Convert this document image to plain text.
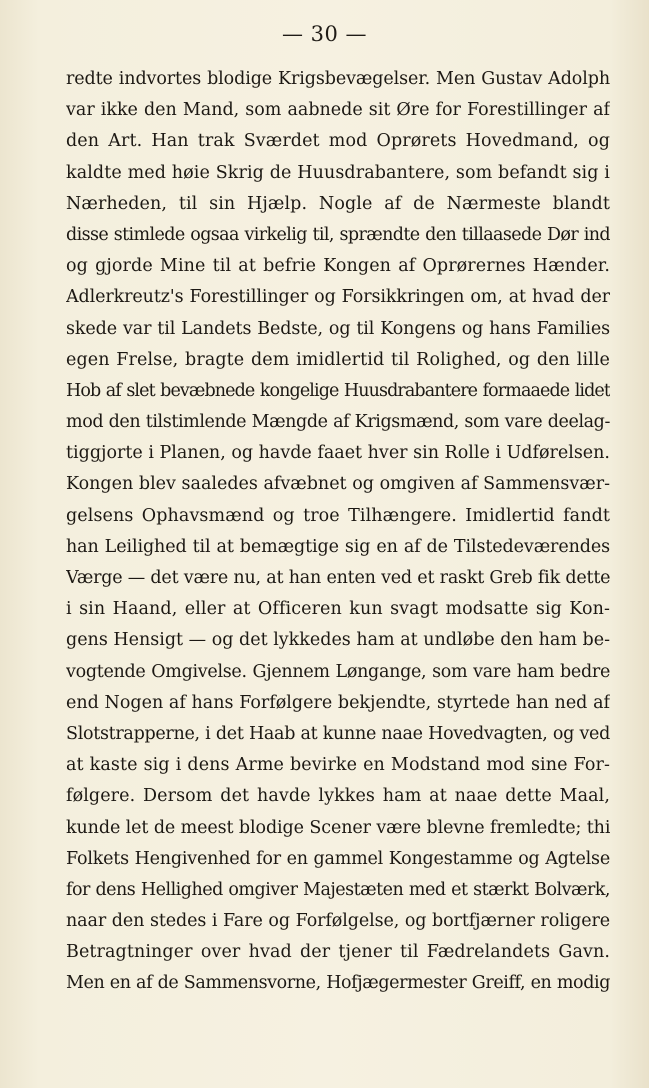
— 30 —
redte indvortes blodige Krigsbevægelser. Men Gustav Adolph
var ikke den Mand, som aabnede sit Øre for Forestillinger af
den Art. Han trak Sværdet mod Oprørets Hovedmand, og
kaldte med høie Skrig de Huusdrabantere, som befandt sig i
Nærheden, til sin Hjælp. Nogle af de Nærmeste blandt
disse stimlede ogsaa virkelig til, sprændte den tillaasede Dør ind
og gjorde Mine til at befrie Kongen af Oprørernes Hænder.
Adlerkreutz's Forestillinger og Forsikkringen om, at hvad der
skede var til Landets Bedste, og til Kongens og hans Families
egen Frelse, bragte dem imidlertid til Rolighed, og den lille
Hob af slet bevæbnede kongelige Huusdrabantere formaaede lidet
mod den tilstimlende Mængde af Krigsmænd, som vare deelag-
tiggjorte i Planen, og havde faaet hver sin Rolle i Udførelsen.
Kongen blev saaledes afvæbnet og omgiven af Sammensvær-
gelsens Ophavsmænd og troe Tilhængere. Imidlertid fandt
han Leilighed til at bemægtige sig en af de Tilstedeværendes
Værge — det være nu, at han enten ved et raskt Greb fik dette
i sin Haand, eller at Officeren kun svagt modsatte sig Kon-
gens Hensigt — og det lykkedes ham at undløbe den ham be-
vogtende Omgivelse. Gjennem Løngange, som vare ham bedre
end Nogen af hans Forfølgere bekjendte, styrtede han ned af
Slotstrapperne, i det Haab at kunne naae Hovedvagten, og ved
at kaste sig i dens Arme bevirke en Modstand mod sine For-
følgere. Dersom det havde lykkes ham at naae dette Maal,
kunde let de meest blodige Scener være blevne fremledte; thi
Folkets Hengivenhed for en gammel Kongestamme og Agtelse
for dens Hellighed omgiver Majestæten med et stærkt Bolværk,
naar den stedes i Fare og Forfølgelse, og bortfjærner roligere
Betragtninger over hvad der tjener til Fædrelandets Gavn.
Men en af de Sammensvorne, Hofjægermester Greiff, en modig
